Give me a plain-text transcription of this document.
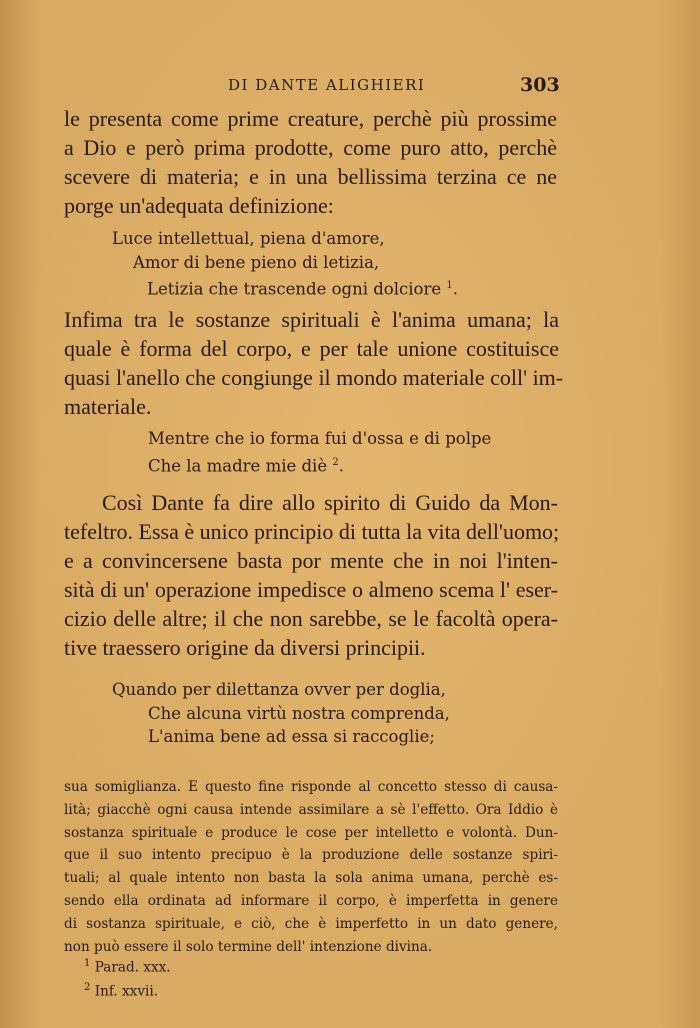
DI DANTE ALIGHIERI	303
le presenta come prime creature, perchè più prossime
a Dio e però prima prodotte, come puro atto, perchè
scevere di materia; e in una bellissima terzina ce ne
porge un'adequata definizione:
Luce intellettual, piena d'amore,
Amor di bene pieno di letizia,
Letizia che trascende ogni dolciore $^1$.
Infima tra le sostanze spirituali è l'anima umana; la
quale è forma del corpo, e per tale unione costituisce
quasi l'anello che congiunge il mondo materiale coll' im-
materiale.
Mentre che io forma fui d'ossa e di polpe
Che la madre mie diè $^2$.
Così Dante fa dire allo spirito di Guido da Mon-
tefeltro. Essa è unico principio di tutta la vita dell'uomo;
e a convincersene basta por mente che in noi l'inten-
sità di un' operazione impedisce o almeno scema l' eser-
cizio delle altre; il che non sarebbe, se le facoltà opera-
tive traessero origine da diversi principii.
Quando per dilettanza ovver per doglia,
Che alcuna virtù nostra comprenda,
L'anima bene ad essa si raccoglie;
sua somiglianza. E questo fine risponde al concetto stesso di causa-
lità; giacchè ogni causa intende assimilare a sè l'effetto. Ora Iddio è
sostanza spirituale e produce le cose per intelletto e volontà. Dun-
que il suo intento precipuo è la produzione delle sostanze spiri-
tuali; al quale intento non basta la sola anima umana, perchè es-
sendo ella ordinata ad informare il corpo, è imperfetta in genere
di sostanza spirituale, e ciò, che è imperfetto in un dato genere,
non può essere il solo termine dell' intenzione divina.
$^1$ Parad. xxx.
$^2$ Inf. xxvii.
